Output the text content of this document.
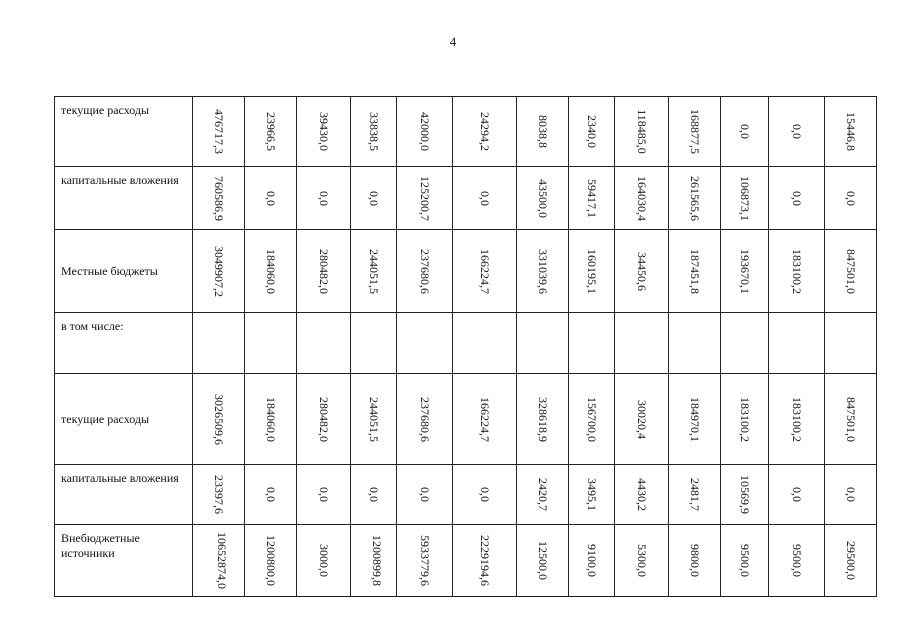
4
текущие расходы	476717,3	23966,5	39430,0	33838,5	42000,0	24294,2	8038,8	2340,0	118485,0	168877,5	0,0	0,0	15446,8
капитальные вложения	760586,9	0,0	0,0	0,0	125200,7	0,0	43500,0	59417,1	164030,4	261565,6	106873,1	0,0	0,0
Местные бюджеты	3049907,2	184060,0	280482,0	244051,5	237680,6	166224,7	331039,6	160195,1	34450,6	187451,8	193670,1	183100,2	847501,0
в том числе:													
текущие расходы	3026509,6	184060,0	280482,0	244051,5	237680,6	166224,7	328618,9	156700,0	30020,4	184970,1	183100,2	183100,2	847501,0
капитальные вложения	23397,6	0,0	0,0	0,0	0,0	0,0	2420,7	3495,1	4430,2	2481,7	10569,9	0,0	0,0
Внебюджетные источники	10652874,0	1200800,0	3000,0	1200899,8	5933779,6	2229194,6	12500,0	9100,0	5300,0	9800,0	9500,0	9500,0	29500,0
